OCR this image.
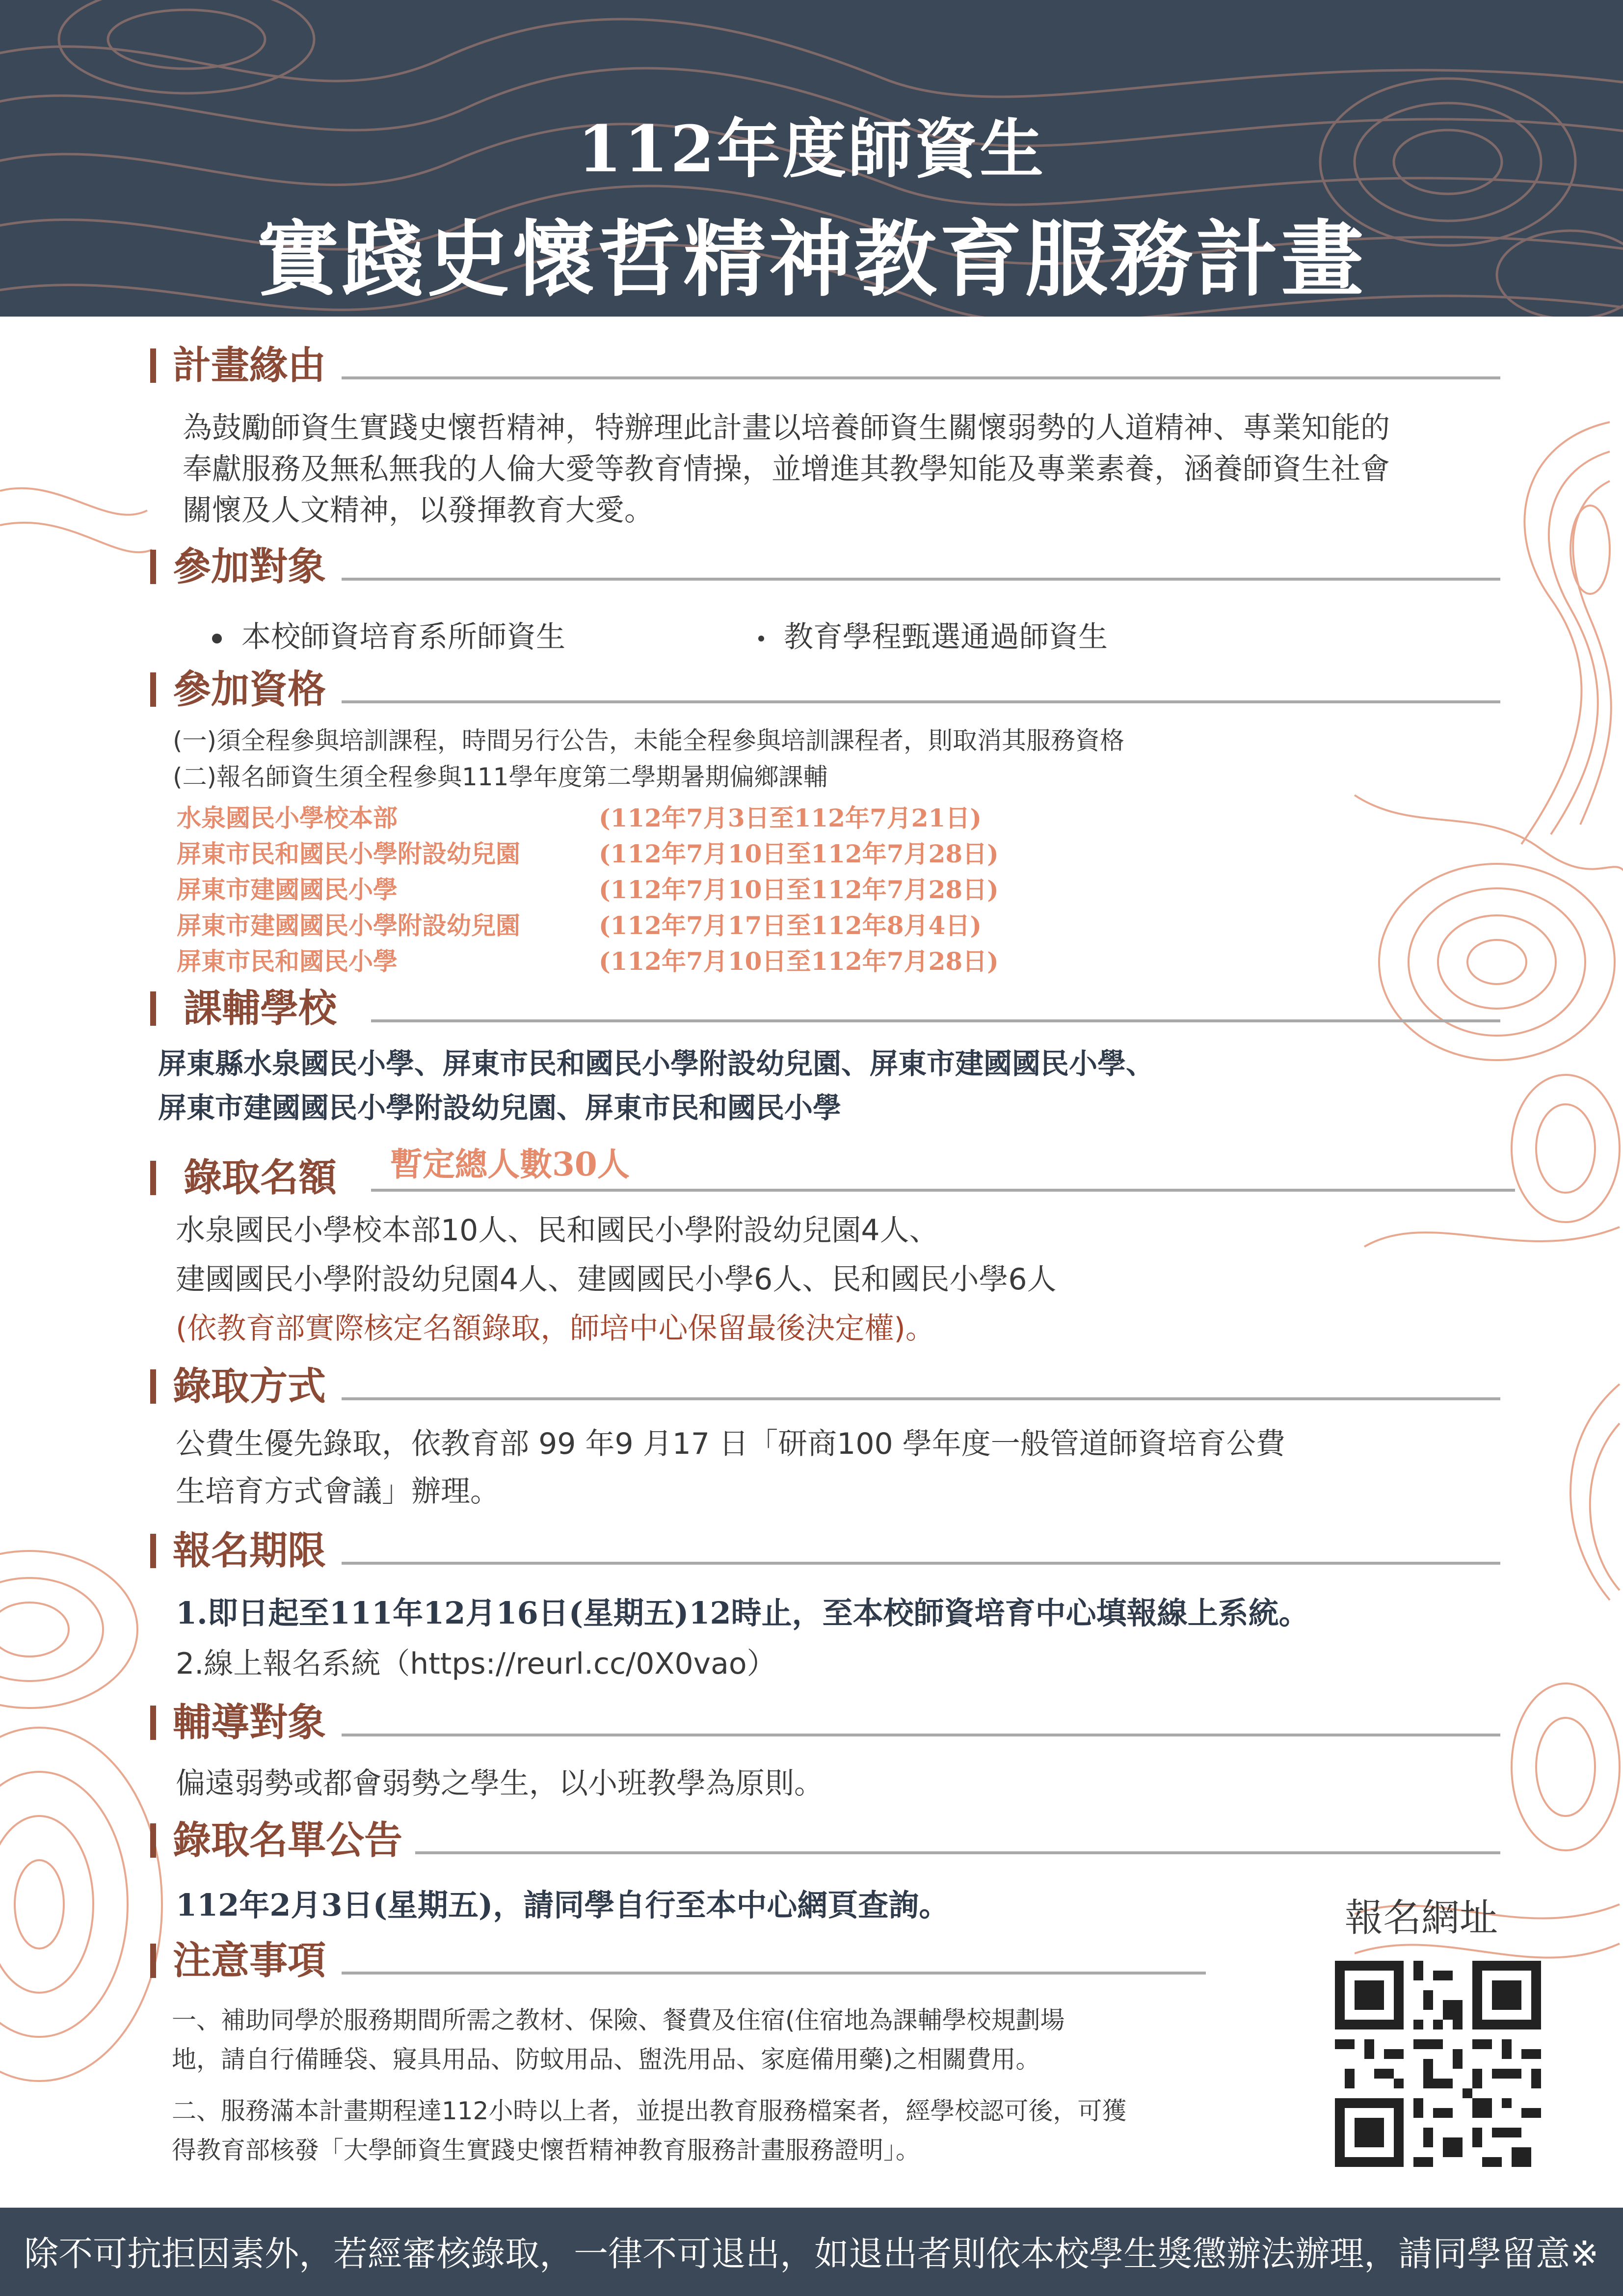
112年度師資生
實踐史懷哲精神教育服務計畫
計畫緣由
為鼓勵師資生實踐史懷哲精神，特辦理此計畫以培養師資生關懷弱勢的人道精神、專業知能的
奉獻服務及無私無我的人倫大愛等教育情操，並增進其教學知能及專業素養，涵養師資生社會
關懷及人文精神，以發揮教育大愛。
參加對象
本校師資培育系所師資生	教育學程甄選通過師資生
參加資格
(一)須全程參與培訓課程，時間另行公告，未能全程參與培訓課程者，則取消其服務資格
(二)報名師資生須全程參與111學年度第二學期暑期偏鄉課輔
水泉國民小學校本部	(112年7月3日至112年7月21日)
屏東市民和國民小學附設幼兒園	(112年7月10日至112年7月28日)
屏東市建國國民小學	(112年7月10日至112年7月28日)
屏東市建國國民小學附設幼兒園	(112年7月17日至112年8月4日)
屏東市民和國民小學	(112年7月10日至112年7月28日)
課輔學校
屏東縣水泉國民小學、屏東市民和國民小學附設幼兒園、屏東市建國國民小學、
屏東市建國國民小學附設幼兒園、屏東市民和國民小學
錄取名額 暫定總人數30人
水泉國民小學校本部10人、民和國民小學附設幼兒園4人、
建國國民小學附設幼兒園4人、建國國民小學6人、民和國民小學6人
(依教育部實際核定名額錄取，師培中心保留最後決定權)。
錄取方式
公費生優先錄取，依教育部 99 年9 月17 日「研商100 學年度一般管道師資培育公費
生培育方式會議」辦理。
報名期限
1.即日起至111年12月16日(星期五)12時止，至本校師資培育中心填報線上系統。
2.線上報名系統（https://reurl.cc/0X0vao）
輔導對象
偏遠弱勢或都會弱勢之學生，以小班教學為原則。
錄取名單公告
112年2月3日(星期五)，請同學自行至本中心網頁查詢。
注意事項
一、補助同學於服務期間所需之教材、保險、餐費及住宿(住宿地為課輔學校規劃場
地，請自行備睡袋、寢具用品、防蚊用品、盥洗用品、家庭備用藥)之相關費用。
二、服務滿本計畫期程達112小時以上者，並提出教育服務檔案者，經學校認可後，可獲
得教育部核發「大學師資生實踐史懷哲精神教育服務計畫服務證明」。
報名網址
除不可抗拒因素外，若經審核錄取，一律不可退出，如退出者則依本校學生獎懲辦法辦理，請同學留意※
